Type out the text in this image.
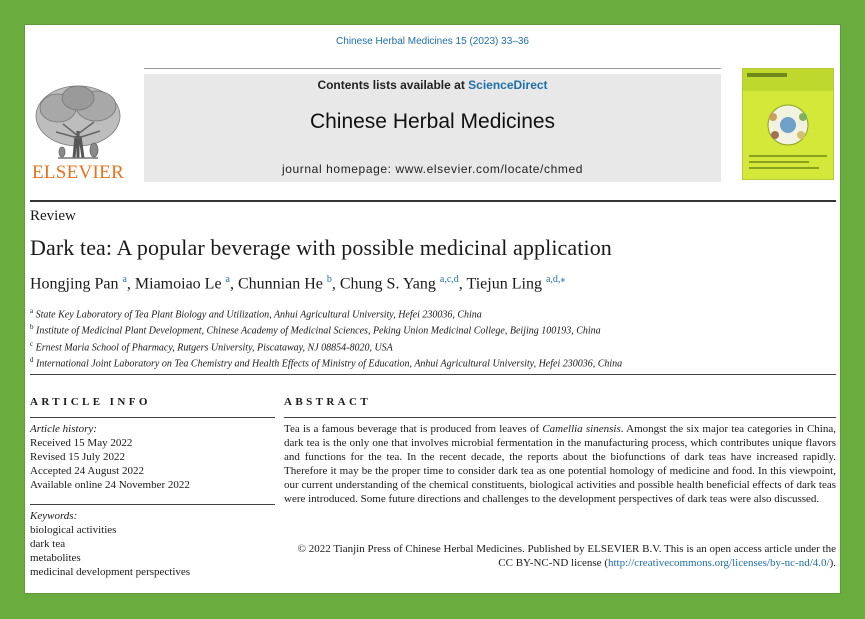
Chinese Herbal Medicines 15 (2023) 33–36
ELSEVIER
Contents lists available at ScienceDirect
Chinese Herbal Medicines
journal homepage: www.elsevier.com/locate/chmed
Review
Dark tea: A popular beverage with possible medicinal application
Hongjing Pan $^a$, Miamoiao Le $^a$, Chunnian He $^b$, Chung S. Yang $^{a,c,d}$, Tiejun Ling $^{a,d,⁎}$

$^a$ State Key Laboratory of Tea Plant Biology and Utilization, Anhui Agricultural University, Hefei 230036, China

$^b$ Institute of Medicinal Plant Development, Chinese Academy of Medicinal Sciences, Peking Union Medicinal College, Beijing 100193, China

$^c$ Ernest Maria School of Pharmacy, Rutgers University, Piscataway, NJ 08854-8020, USA

$^d$ International Joint Laboratory on Tea Chemistry and Health Effects of Ministry of Education, Anhui Agricultural University, Hefei 230036, China

ARTICLE INFO	ABSTRACT

Article history:

Received 15 May 2022

Revised 15 July 2022

Accepted 24 August 2022

Available online 24 November 2022

Keywords:

biological activities

dark tea

metabolites

medicinal development perspectives

Tea is a famous beverage that is produced from leaves of Camellia sinensis. Amongst the six major tea categories in China, dark tea is the only one that involves microbial fermentation in the manufacturing process, which contributes unique flavors and functions for the tea. In the recent decade, the reports about the biofunctions of dark teas have increased rapidly. Therefore it may be the proper time to consider dark tea as one potential homology of medicine and food. In this viewpoint, our current understanding of the chemical constituents, biological activities and possible health beneficial effects of dark teas were introduced. Some future directions and challenges to the development perspectives of dark teas were also discussed.
© 2022 Tianjin Press of Chinese Herbal Medicines. Published by ELSEVIER B.V. This is an open access article under the CC BY-NC-ND license (http://creativecommons.org/licenses/by-nc-nd/4.0/).
